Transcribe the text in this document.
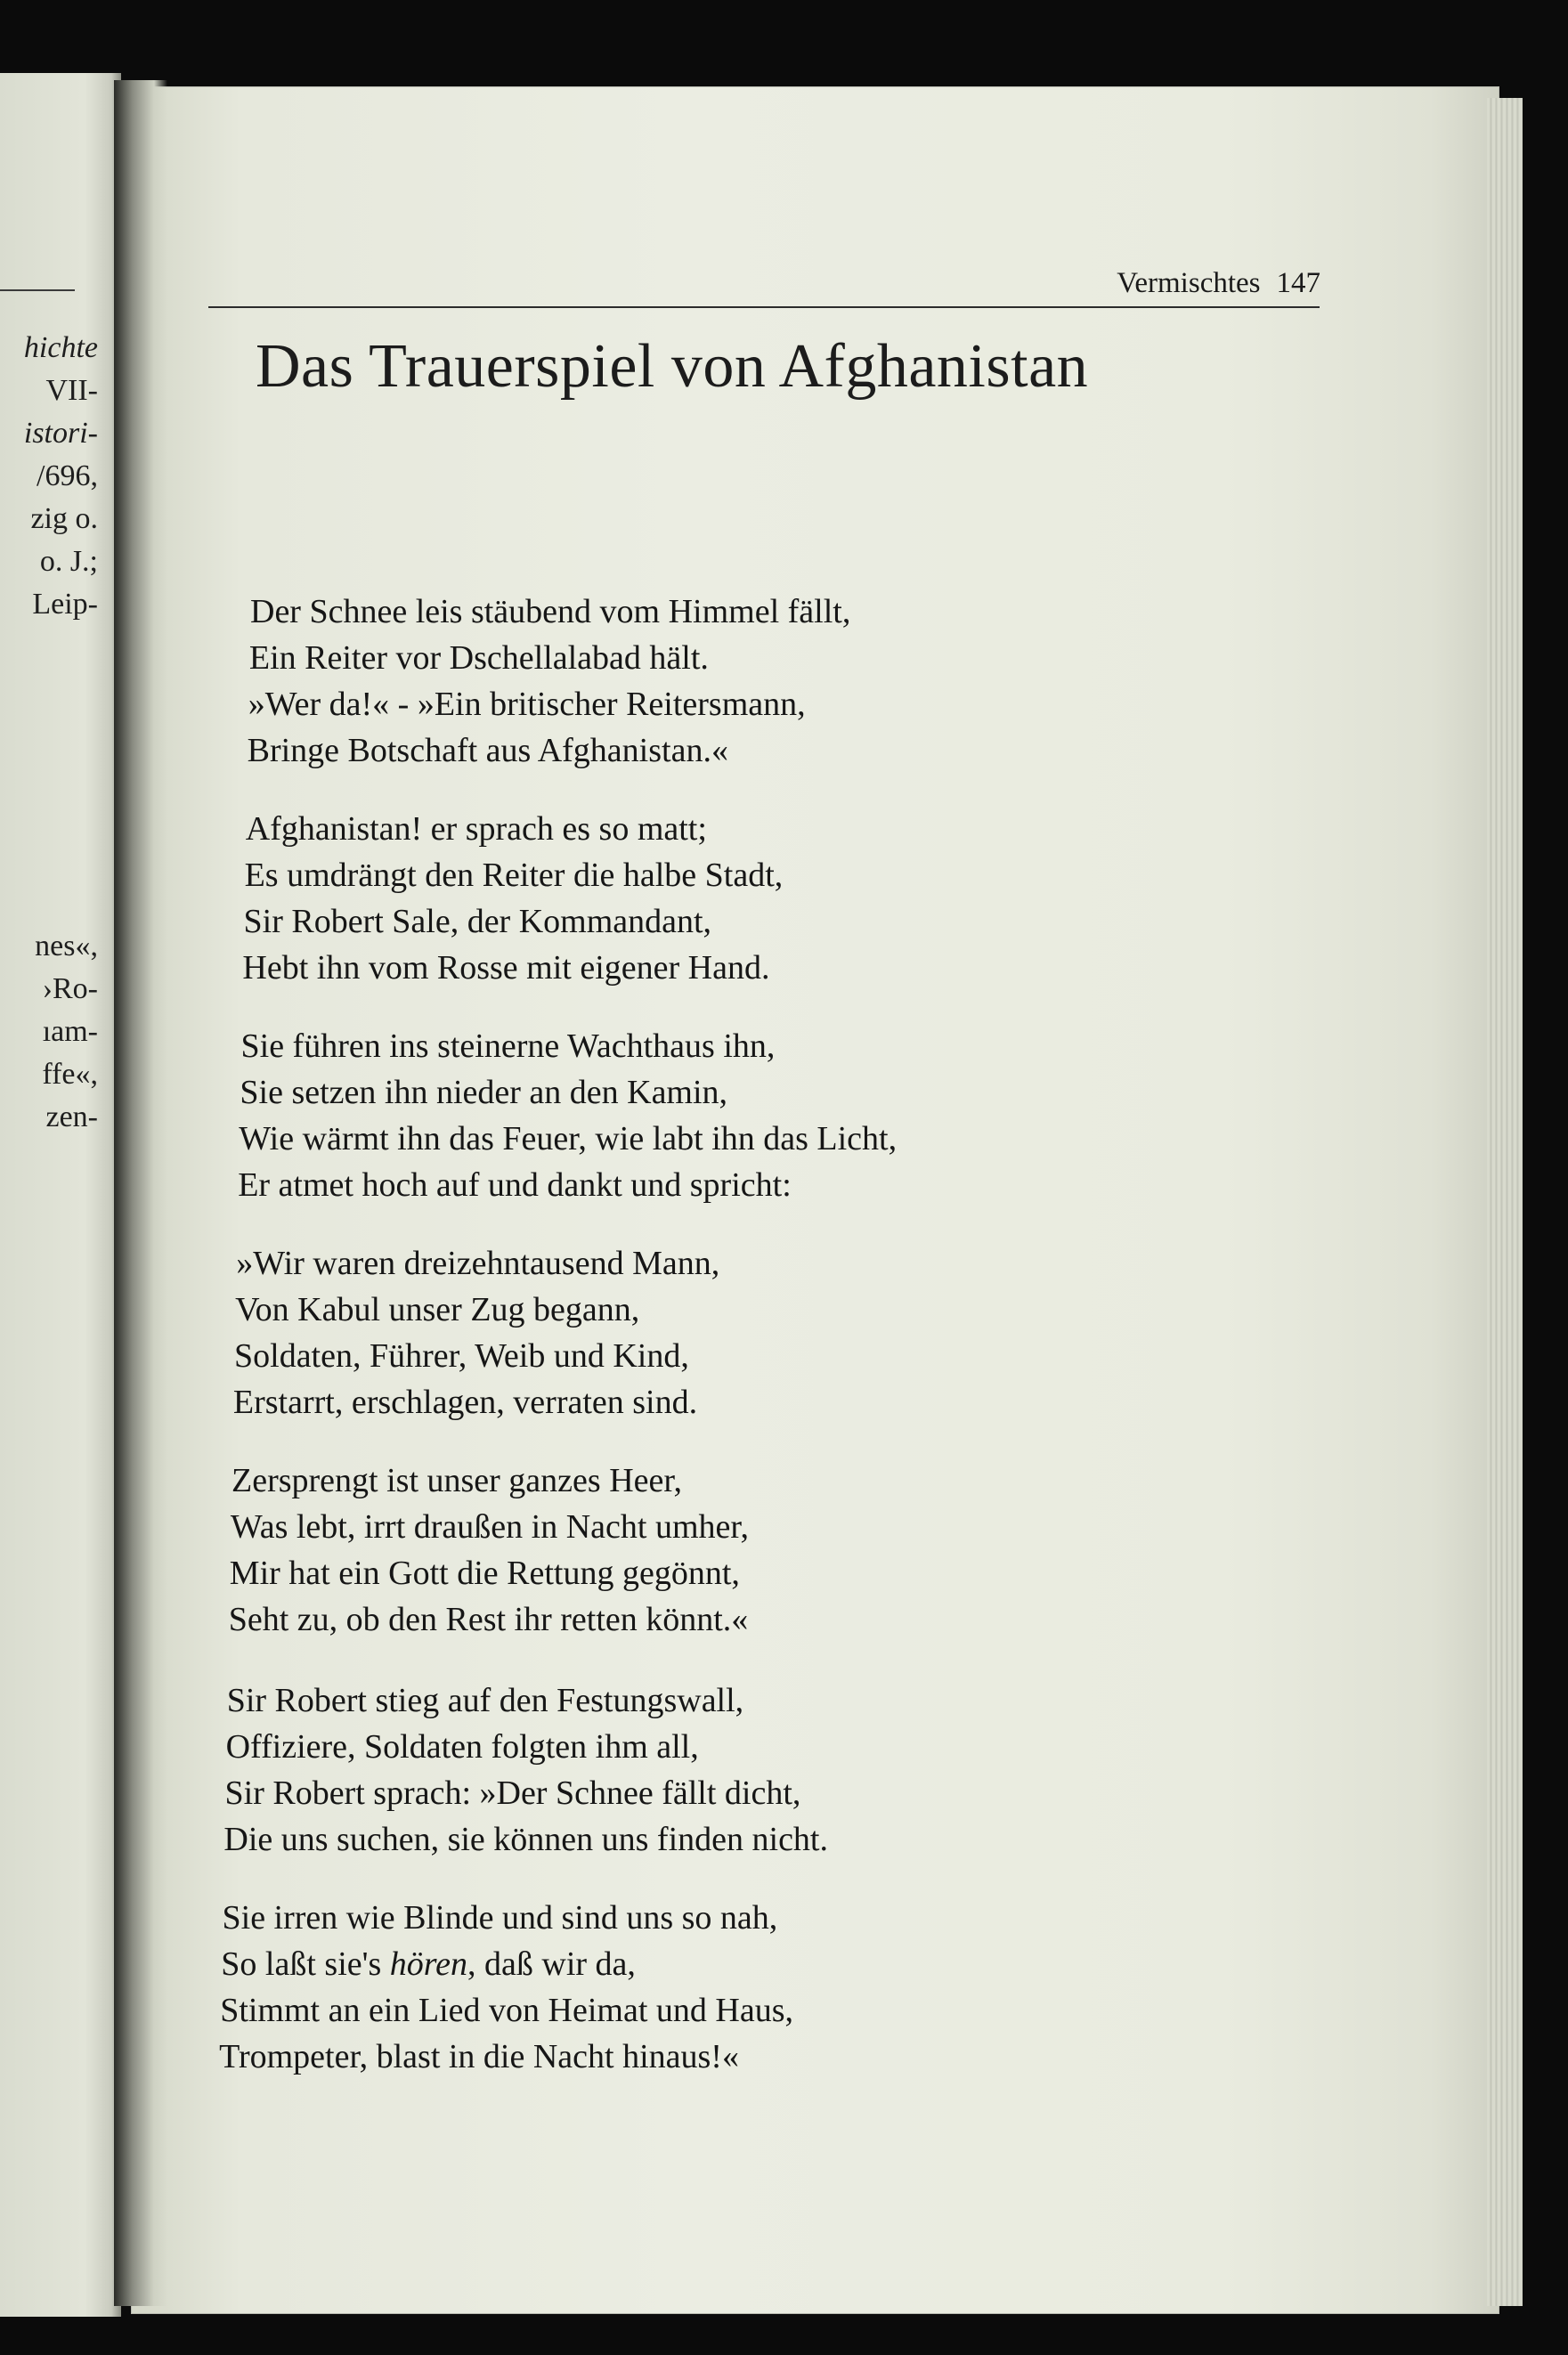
hichte
VII-
istori-
/696,
zig o.
o. J.;
Leip-
nes«,
›Ro-
ıam-
ffe«,
zen-
Vermischtes 147
Das Trauerspiel von Afghanistan
Der Schnee leis stäubend vom Himmel fällt,
Ein Reiter vor Dschellalabad hält.
»Wer da!« - »Ein britischer Reitersmann,
Bringe Botschaft aus Afghanistan.«
Afghanistan! er sprach es so matt;
Es umdrängt den Reiter die halbe Stadt,
Sir Robert Sale, der Kommandant,
Hebt ihn vom Rosse mit eigener Hand.
Sie führen ins steinerne Wachthaus ihn,
Sie setzen ihn nieder an den Kamin,
Wie wärmt ihn das Feuer, wie labt ihn das Licht,
Er atmet hoch auf und dankt und spricht:
»Wir waren dreizehntausend Mann,
Von Kabul unser Zug begann,
Soldaten, Führer, Weib und Kind,
Erstarrt, erschlagen, verraten sind.
Zersprengt ist unser ganzes Heer,
Was lebt, irrt draußen in Nacht umher,
Mir hat ein Gott die Rettung gegönnt,
Seht zu, ob den Rest ihr retten könnt.«
Sir Robert stieg auf den Festungswall,
Offiziere, Soldaten folgten ihm all,
Sir Robert sprach: »Der Schnee fällt dicht,
Die uns suchen, sie können uns finden nicht.
Sie irren wie Blinde und sind uns so nah,
So laßt sie's hören, daß wir da,
Stimmt an ein Lied von Heimat und Haus,
Trompeter, blast in die Nacht hinaus!«
